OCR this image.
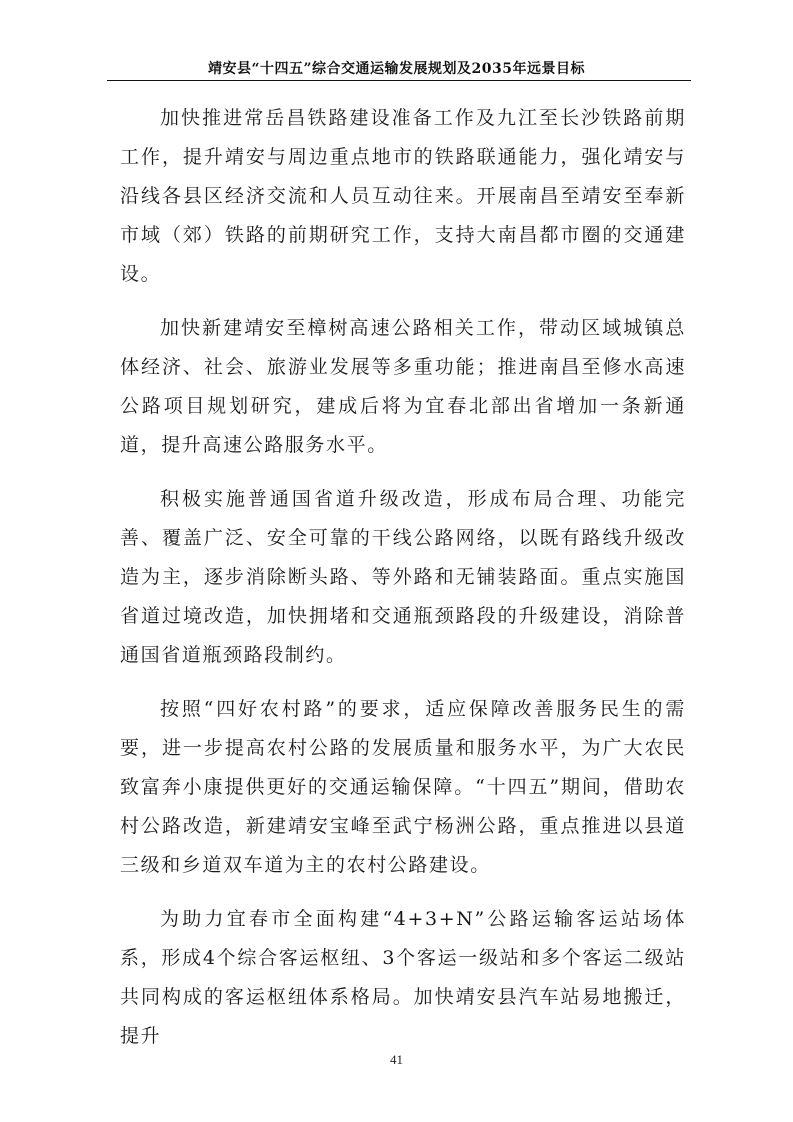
靖安县“十四五”综合交通运输发展规划及2035年远景目标

加快推进常岳昌铁路建设准备工作及九江至长沙铁路前期工作，提升靖安与周边重点地市的铁路联通能力，强化靖安与沿线各县区经济交流和人员互动往来。开展南昌至靖安至奉新市域（郊）铁路的前期研究工作，支持大南昌都市圈的交通建设。

加快新建靖安至樟树高速公路相关工作，带动区域城镇总体经济、社会、旅游业发展等多重功能；推进南昌至修水高速公路项目规划研究，建成后将为宜春北部出省增加一条新通道，提升高速公路服务水平。

积极实施普通国省道升级改造，形成布局合理、功能完善、覆盖广泛、安全可靠的干线公路网络，以既有路线升级改造为主，逐步消除断头路、等外路和无铺装路面。重点实施国省道过境改造，加快拥堵和交通瓶颈路段的升级建设，消除普通国省道瓶颈路段制约。

按照“四好农村路”的要求，适应保障改善服务民生的需要，进一步提高农村公路的发展质量和服务水平，为广大农民致富奔小康提供更好的交通运输保障。“十四五”期间，借助农村公路改造，新建靖安宝峰至武宁杨洲公路，重点推进以县道三级和乡道双车道为主的农村公路建设。

为助力宜春市全面构建“4+3+N”公路运输客运站场体系，形成4个综合客运枢纽、3个客运一级站和多个客运二级站共同构成的客运枢纽体系格局。加快靖安县汽车站易地搬迁，提升

41
